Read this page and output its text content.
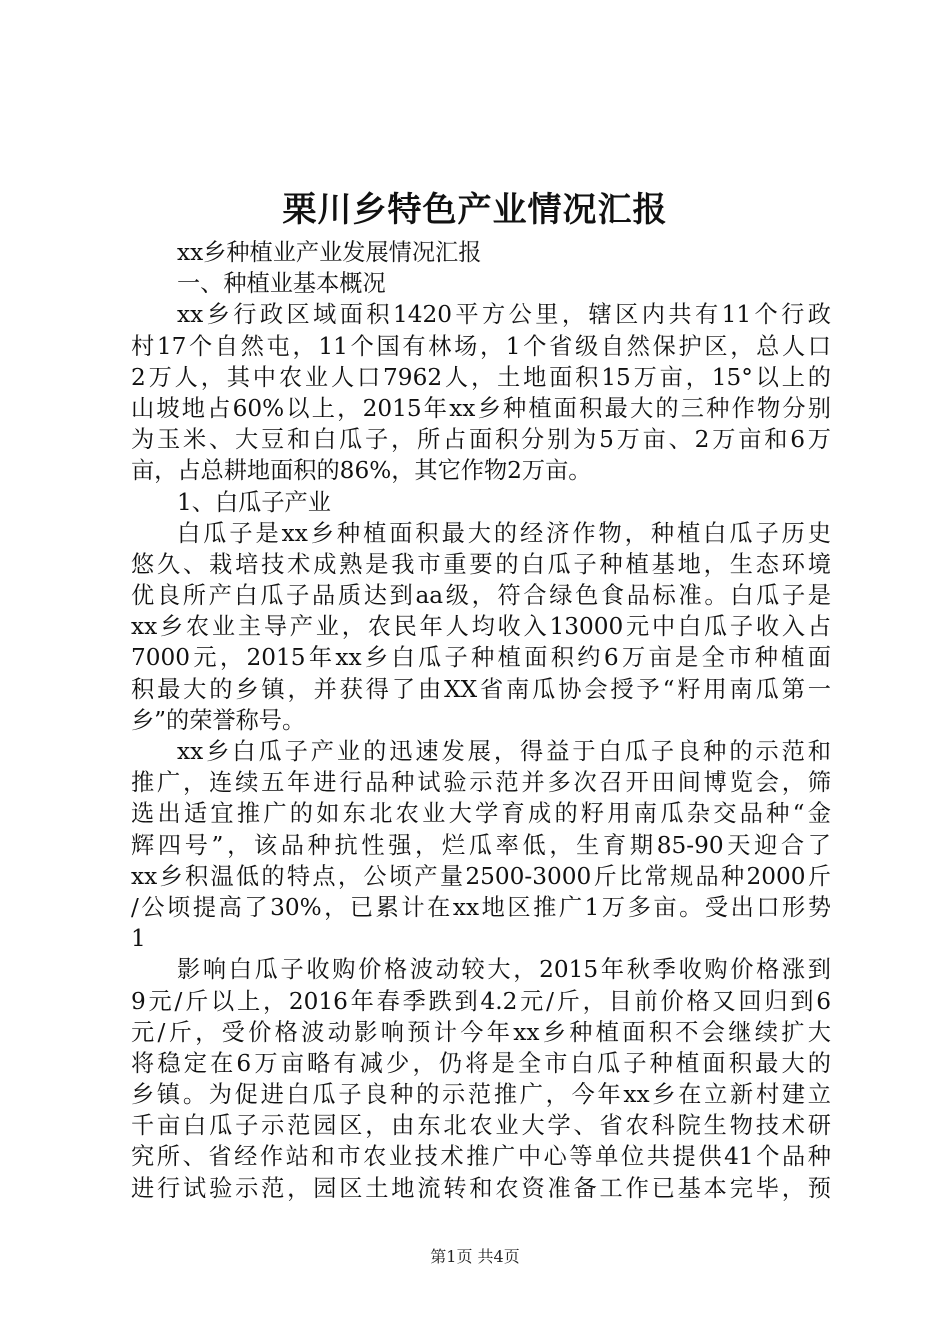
栗川乡特色产业情况汇报
xx乡种植业产业发展情况汇报
一、种植业基本概况
xx乡行政区域面积1420平方公里，辖区内共有11个行政
村17个自然屯，11个国有林场，1个省级自然保护区，总人口
2万人，其中农业人口7962人，土地面积15万亩，15°以上的
山坡地占60%以上，2015年xx乡种植面积最大的三种作物分别
为玉米、大豆和白瓜子，所占面积分别为5万亩、2万亩和6万
亩，占总耕地面积的86%，其它作物2万亩。
1、白瓜子产业
白瓜子是xx乡种植面积最大的经济作物，种植白瓜子历史
悠久、栽培技术成熟是我市重要的白瓜子种植基地，生态环境
优良所产白瓜子品质达到aa级，符合绿色食品标准。白瓜子是
xx乡农业主导产业，农民年人均收入13000元中白瓜子收入占
7000元，2015年xx乡白瓜子种植面积约6万亩是全市种植面
积最大的乡镇，并获得了由XX省南瓜协会授予“籽用南瓜第一
乡”的荣誉称号。
xx乡白瓜子产业的迅速发展，得益于白瓜子良种的示范和
推广，连续五年进行品种试验示范并多次召开田间博览会，筛
选出适宜推广的如东北农业大学育成的籽用南瓜杂交品种“金
辉四号”，该品种抗性强，烂瓜率低，生育期85-90天迎合了
xx乡积温低的特点，公顷产量2500-3000斤比常规品种2000斤
/公顷提高了30%，已累计在xx地区推广1万多亩。受出口形势
1
影响白瓜子收购价格波动较大，2015年秋季收购价格涨到
9元/斤以上，2016年春季跌到4.2元/斤，目前价格又回归到6
元/斤，受价格波动影响预计今年xx乡种植面积不会继续扩大
将稳定在6万亩略有减少，仍将是全市白瓜子种植面积最大的
乡镇。为促进白瓜子良种的示范推广，今年xx乡在立新村建立
千亩白瓜子示范园区，由东北农业大学、省农科院生物技术研
究所、省经作站和市农业技术推广中心等单位共提供41个品种
进行试验示范，园区土地流转和农资准备工作已基本完毕，预
第1页 共4页
